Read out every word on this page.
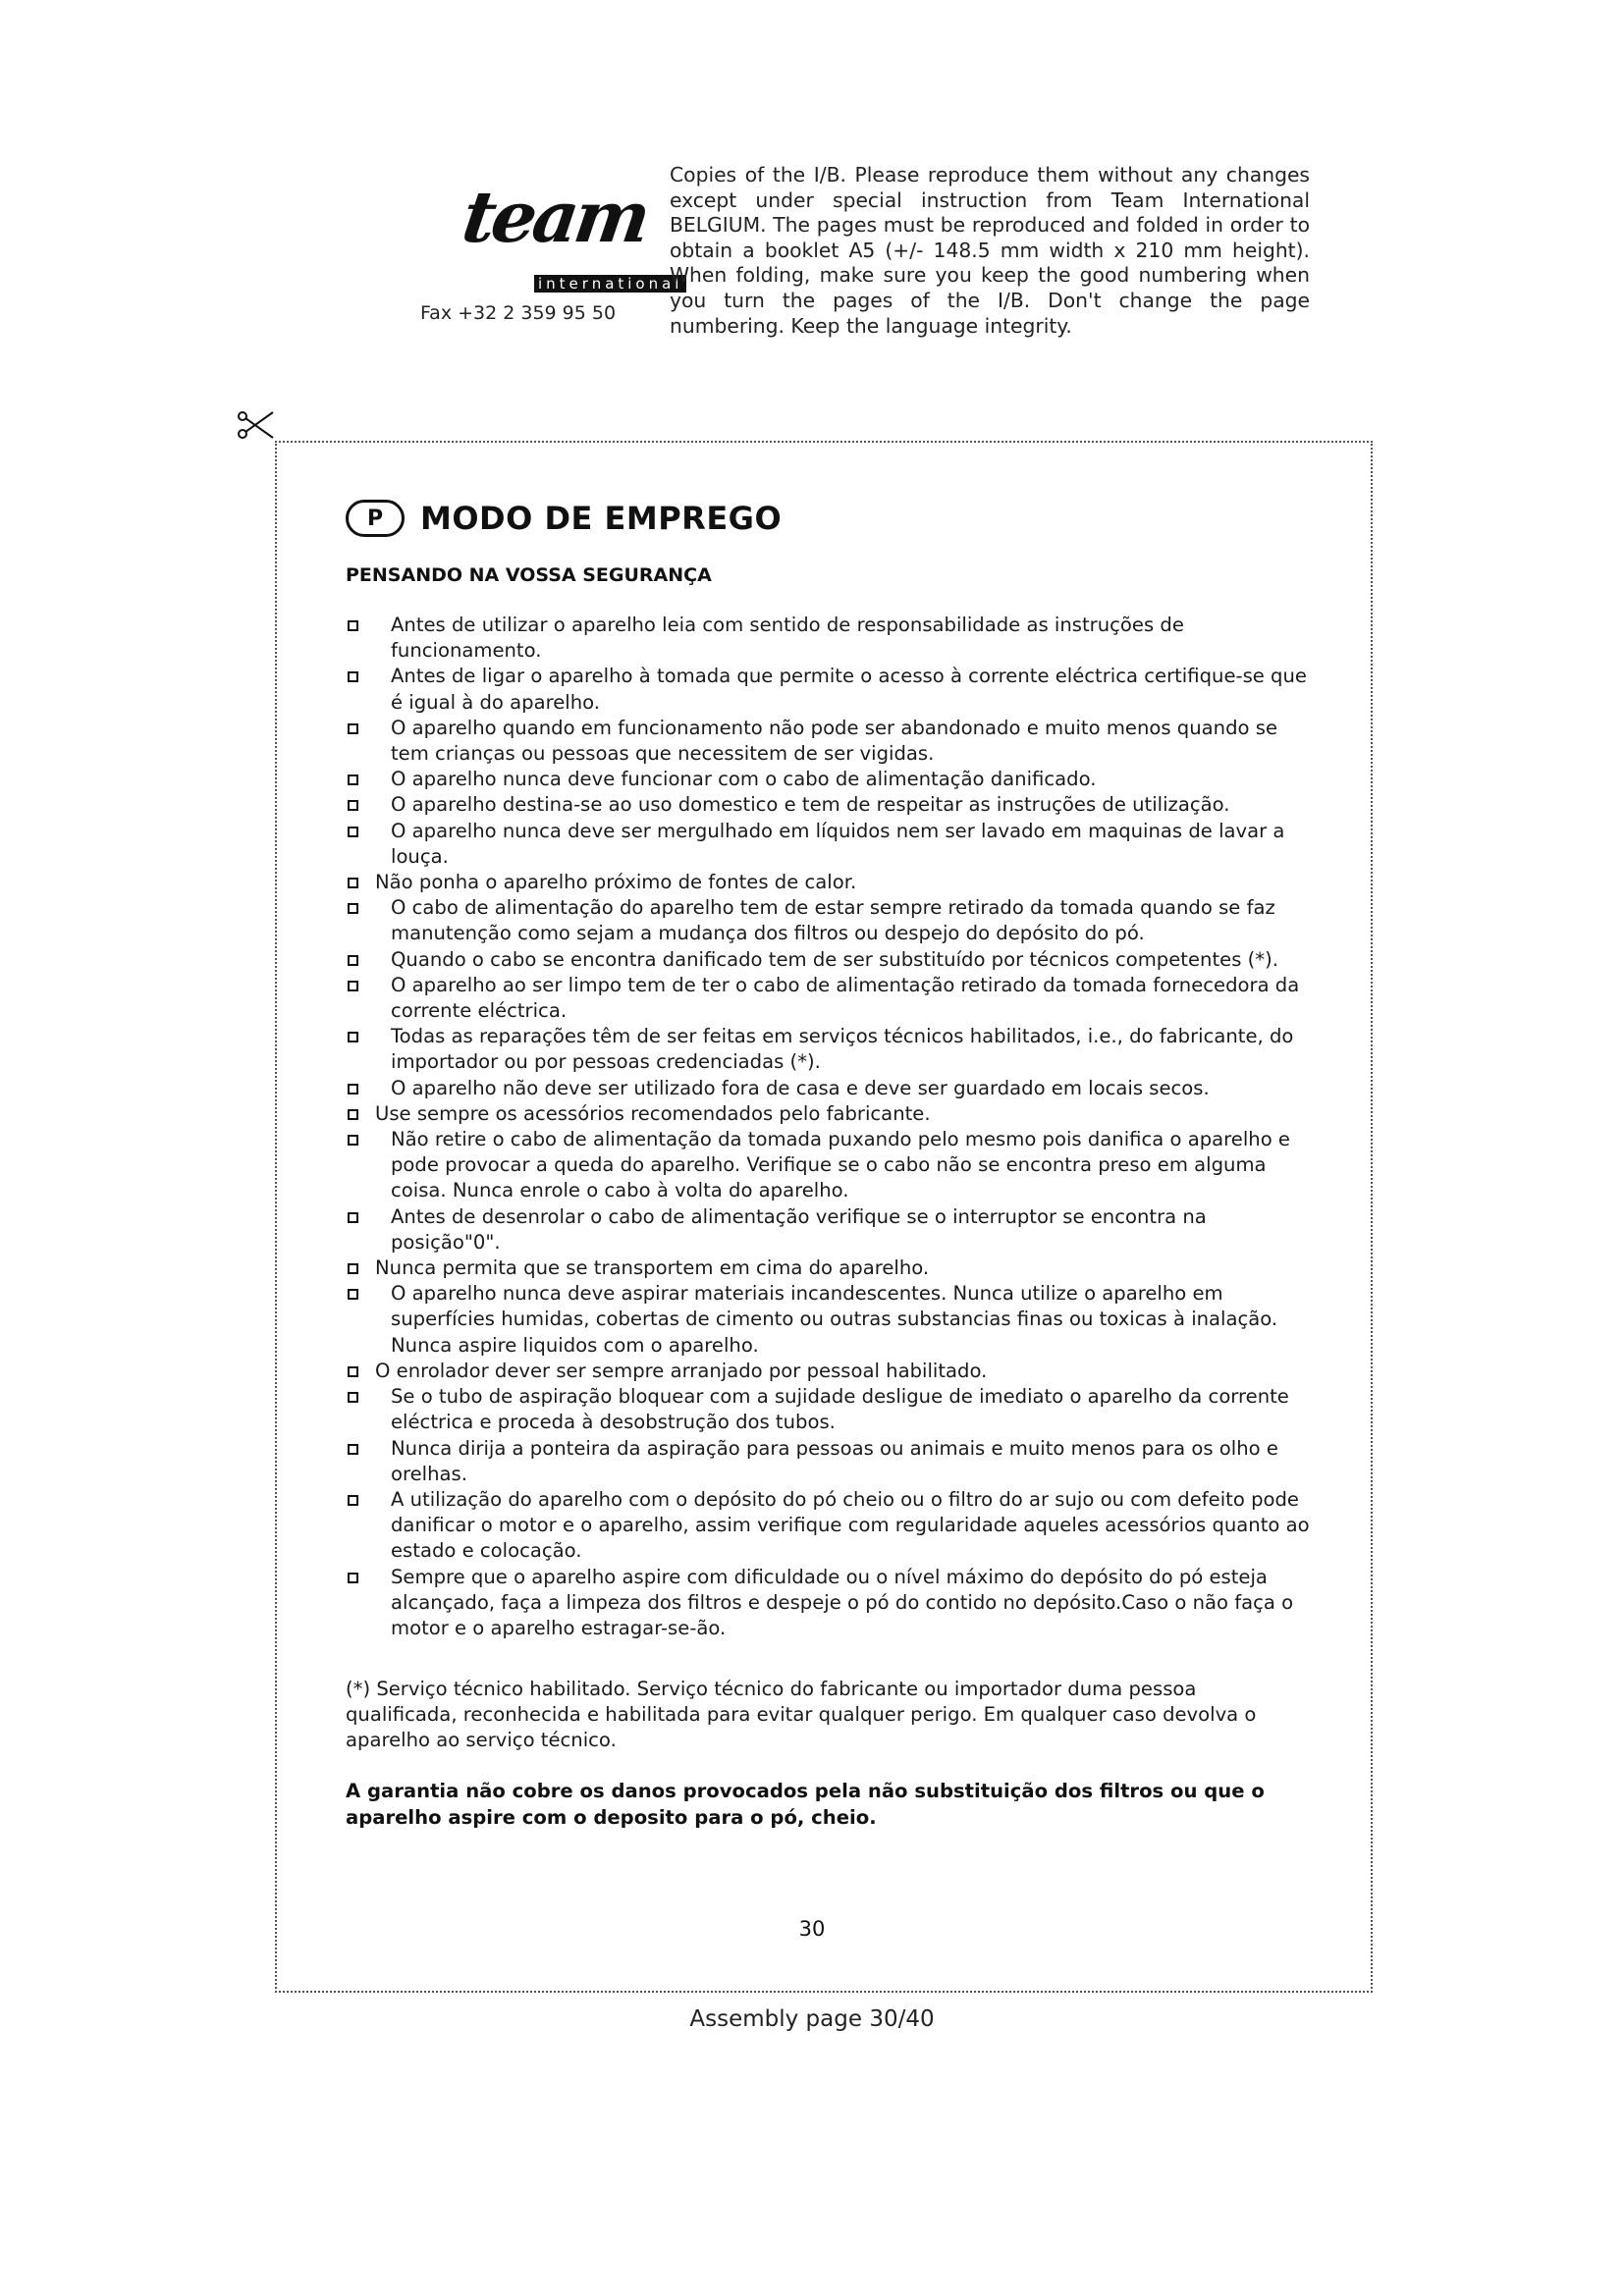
team
international
Fax +32 2 359 95 50
Copies of the I/B. Please reproduce them without any changes except under special instruction from Team International BELGIUM. The pages must be reproduced and folded in order to obtain a booklet A5 (+/- 148.5 mm width x 210 mm height). When folding, make sure you keep the good numbering when you turn the pages of the I/B. Don't change the page numbering. Keep the language integrity.
P	MODO DE EMPREGO
PENSANDO NA VOSSA SEGURANÇA
Antes de utilizar o aparelho leia com sentido de responsabilidade as instruções de funcionamento.
Antes de ligar o aparelho à tomada que permite o acesso à corrente eléctrica certifique-se que é igual à do aparelho.
O aparelho quando em funcionamento não pode ser abandonado e muito menos quando se tem crianças ou pessoas que necessitem de ser vigidas.
O aparelho nunca deve funcionar com o cabo de alimentação danificado.
O aparelho destina-se ao uso domestico e tem de respeitar as instruções de utilização.
O aparelho nunca deve ser mergulhado em líquidos nem ser lavado em maquinas de lavar a louça.
Não ponha o aparelho próximo de fontes de calor.
O cabo de alimentação do aparelho tem de estar sempre retirado da tomada quando se faz manutenção como sejam a mudança dos filtros ou despejo do depósito do pó.
Quando o cabo se encontra danificado tem de ser substituído por técnicos competentes (*).
O aparelho ao ser limpo tem de ter o cabo de alimentação retirado da tomada fornecedora da corrente eléctrica.
Todas as reparações têm de ser feitas em serviços técnicos habilitados, i.e., do fabricante, do importador ou por pessoas credenciadas (*).
O aparelho não deve ser utilizado fora de casa e deve ser guardado em locais secos.
Use sempre os acessórios recomendados pelo fabricante.
Não retire o cabo de alimentação da tomada puxando pelo mesmo pois danifica o aparelho e pode provocar a queda do aparelho. Verifique se o cabo não se encontra preso em alguma coisa. Nunca enrole o cabo à volta do aparelho.
Antes de desenrolar o cabo de alimentação verifique se o interruptor se encontra na posição"0".
Nunca permita que se transportem em cima do aparelho.
O aparelho nunca deve aspirar materiais incandescentes. Nunca utilize o aparelho em superfícies humidas, cobertas de cimento ou outras substancias finas ou toxicas à inalação. Nunca aspire liquidos com o aparelho.
O enrolador dever ser sempre arranjado por pessoal habilitado.
Se o tubo de aspiração bloquear com a sujidade desligue de imediato o aparelho da corrente eléctrica e proceda à desobstrução dos tubos.
Nunca dirija a ponteira da aspiração para pessoas ou animais e muito menos para os olho e orelhas.
A utilização do aparelho com o depósito do pó cheio ou o filtro do ar sujo ou com defeito pode danificar o motor e o aparelho, assim verifique com regularidade aqueles acessórios quanto ao estado e colocação.
Sempre que o aparelho aspire com dificuldade ou o nível máximo do depósito do pó esteja alcançado, faça a limpeza dos filtros e despeje o pó do contido no depósito.Caso o não faça o motor e o aparelho estragar-se-ão.
(*) Serviço técnico habilitado. Serviço técnico do fabricante ou importador duma pessoa qualificada, reconhecida e habilitada para evitar qualquer perigo. Em qualquer caso devolva o aparelho ao serviço técnico.
A garantia não cobre os danos provocados pela não substituição dos filtros ou que o aparelho aspire com o deposito para o pó, cheio.
30
Assembly page 30/40
